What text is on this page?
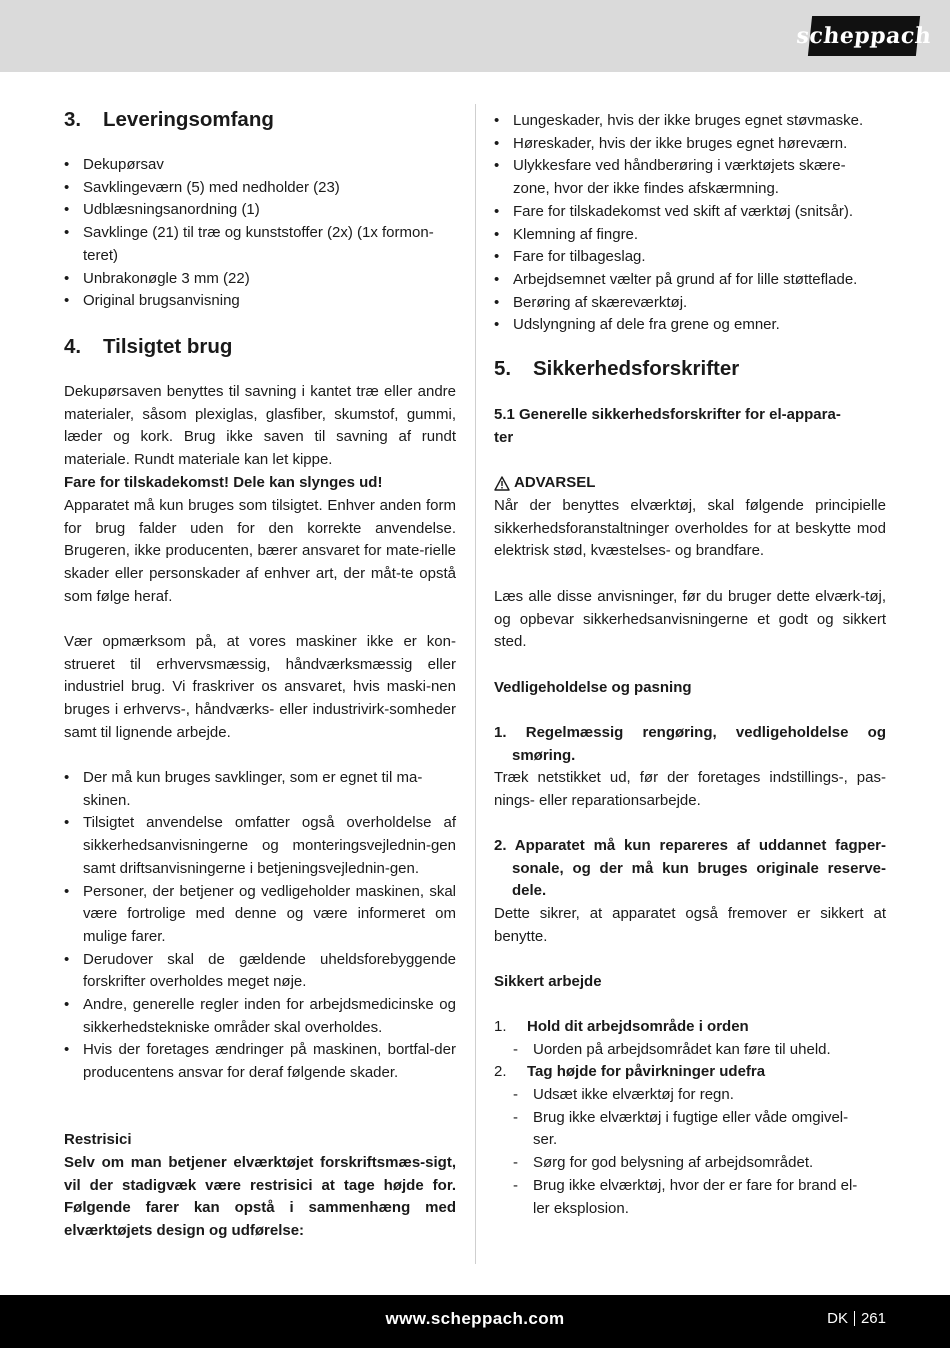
scheppach
3.	Leveringsomfang
• Dekupørsav
• Savklingeværn (5) med nedholder (23)
• Udblæsningsanordning (1)
• Savklinge (21) til træ og kunststoffer (2x) (1x formon-
teret)
• Unbrakonøgle 3 mm (22)
• Original brugsanvisning
4.	Tilsigtet brug
Dekupørsaven benyttes til savning i kantet træ eller andre materialer, såsom plexiglas, glasfiber, skumstof, gummi, læder og kork. Brug ikke saven til savning af rundt materiale. Rundt materiale kan let kippe.
Fare for tilskadekomst! Dele kan slynges ud!
Apparatet må kun bruges som tilsigtet. Enhver anden form for brug falder uden for den korrekte anvendelse. Brugeren, ikke producenten, bærer ansvaret for mate-rielle skader eller personskader af enhver art, der måt-te opstå som følge heraf.
Vær opmærksom på, at vores maskiner ikke er kon-strueret til erhvervsmæssig, håndværksmæssig eller industriel brug. Vi fraskriver os ansvaret, hvis maski-nen bruges i erhvervs-, håndværks- eller industrivirk-somheder samt til lignende arbejde.
• Der må kun bruges savklinger, som er egnet til ma-
skinen.
• Tilsigtet anvendelse omfatter også overholdelse af sikkerhedsanvisningerne og monteringsvejlednin-gen samt driftsanvisningerne i betjeningsvejlednin-gen.
• Personer, der betjener og vedligeholder maskinen, skal være fortrolige med denne og være informeret om mulige farer.
• Derudover skal de gældende uheldsforebyggende forskrifter overholdes meget nøje.
• Andre, generelle regler inden for arbejdsmedicinske og sikkerhedstekniske områder skal overholdes.
• Hvis der foretages ændringer på maskinen, bortfal-der producentens ansvar for deraf følgende skader.
Restrisici
Selv om man betjener elværktøjet forskriftsmæs-sigt, vil der stadigvæk være restrisici at tage højde for. Følgende farer kan opstå i sammenhæng med elværktøjets design og udførelse:
• Lungeskader, hvis der ikke bruges egnet støvmaske.
• Høreskader, hvis der ikke bruges egnet høreværn.
• Ulykkesfare ved håndberøring i værktøjets skære-
zone, hvor der ikke findes afskærmning.
• Fare for tilskadekomst ved skift af værktøj (snitsår).
• Klemning af fingre.
• Fare for tilbageslag.
• Arbejdsemnet vælter på grund af for lille støtteflade.
• Berøring af skæreværktøj.
• Udslyngning af dele fra grene og emner.
5.	Sikkerhedsforskrifter
5.1 Generelle sikkerhedsforskrifter for el-appara-
ter
ADVARSEL
Når der benyttes elværktøj, skal følgende principielle sikkerhedsforanstaltninger overholdes for at beskytte mod elektrisk stød, kvæstelses- og brandfare.
Læs alle disse anvisninger, før du bruger dette elværk-tøj, og opbevar sikkerhedsanvisningerne et godt og sikkert sted.
Vedligeholdelse og pasning
1. Regelmæssig rengøring, vedligeholdelse og smøring.
Træk netstikket ud, før der foretages indstillings-, pas-nings- eller reparationsarbejde.
2. Apparatet må kun repareres af uddannet fagper-sonale, og der må kun bruges originale reserve-dele.
Dette sikrer, at apparatet også fremover er sikkert at benytte.
Sikkert arbejde
1.	Hold dit arbejdsområde i orden
- Uorden på arbejdsområdet kan føre til uheld.
2.	Tag højde for påvirkninger udefra
- Udsæt ikke elværktøj for regn.
- Brug ikke elværktøj i fugtige eller våde omgivel-
ser.
- Sørg for god belysning af arbejdsområdet.
- Brug ikke elværktøj, hvor der er fare for brand el-
ler eksplosion.
www.scheppach.com	DK 261
